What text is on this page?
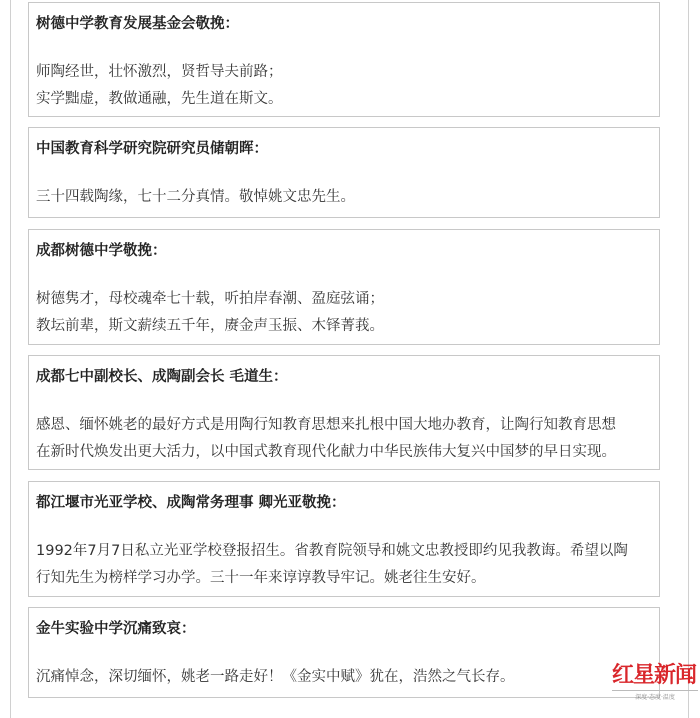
树德中学教育发展基金会敬挽：
师陶经世，壮怀激烈，贤哲导夫前路；
实学黜虚，教做通融，先生道在斯文。
中国教育科学研究院研究员储朝晖：
三十四载陶缘，七十二分真情。敬悼姚文忠先生。
成都树德中学敬挽：
树德隽才，母校魂牵七十载，听拍岸春潮、盈庭弦诵；
教坛前辈，斯文薪续五千年，赓金声玉振、木铎菁莪。
成都七中副校长、成陶副会长 毛道生：
感恩、缅怀姚老的最好方式是用陶行知教育思想来扎根中国大地办教育，让陶行知教育思想
在新时代焕发出更大活力，以中国式教育现代化献力中华民族伟大复兴中国梦的早日实现。
都江堰市光亚学校、成陶常务理事 卿光亚敬挽：
1992年7月7日私立光亚学校登报招生。省教育院领导和姚文忠教授即约见我教诲。希望以陶
行知先生为榜样学习办学。三十一年来谆谆教导牢记。姚老往生安好。
金牛实验中学沉痛致哀：
沉痛悼念，深切缅怀，姚老一路走好！《金实中赋》犹在，浩然之气长存。	红星新闻
深度·态度·温度
